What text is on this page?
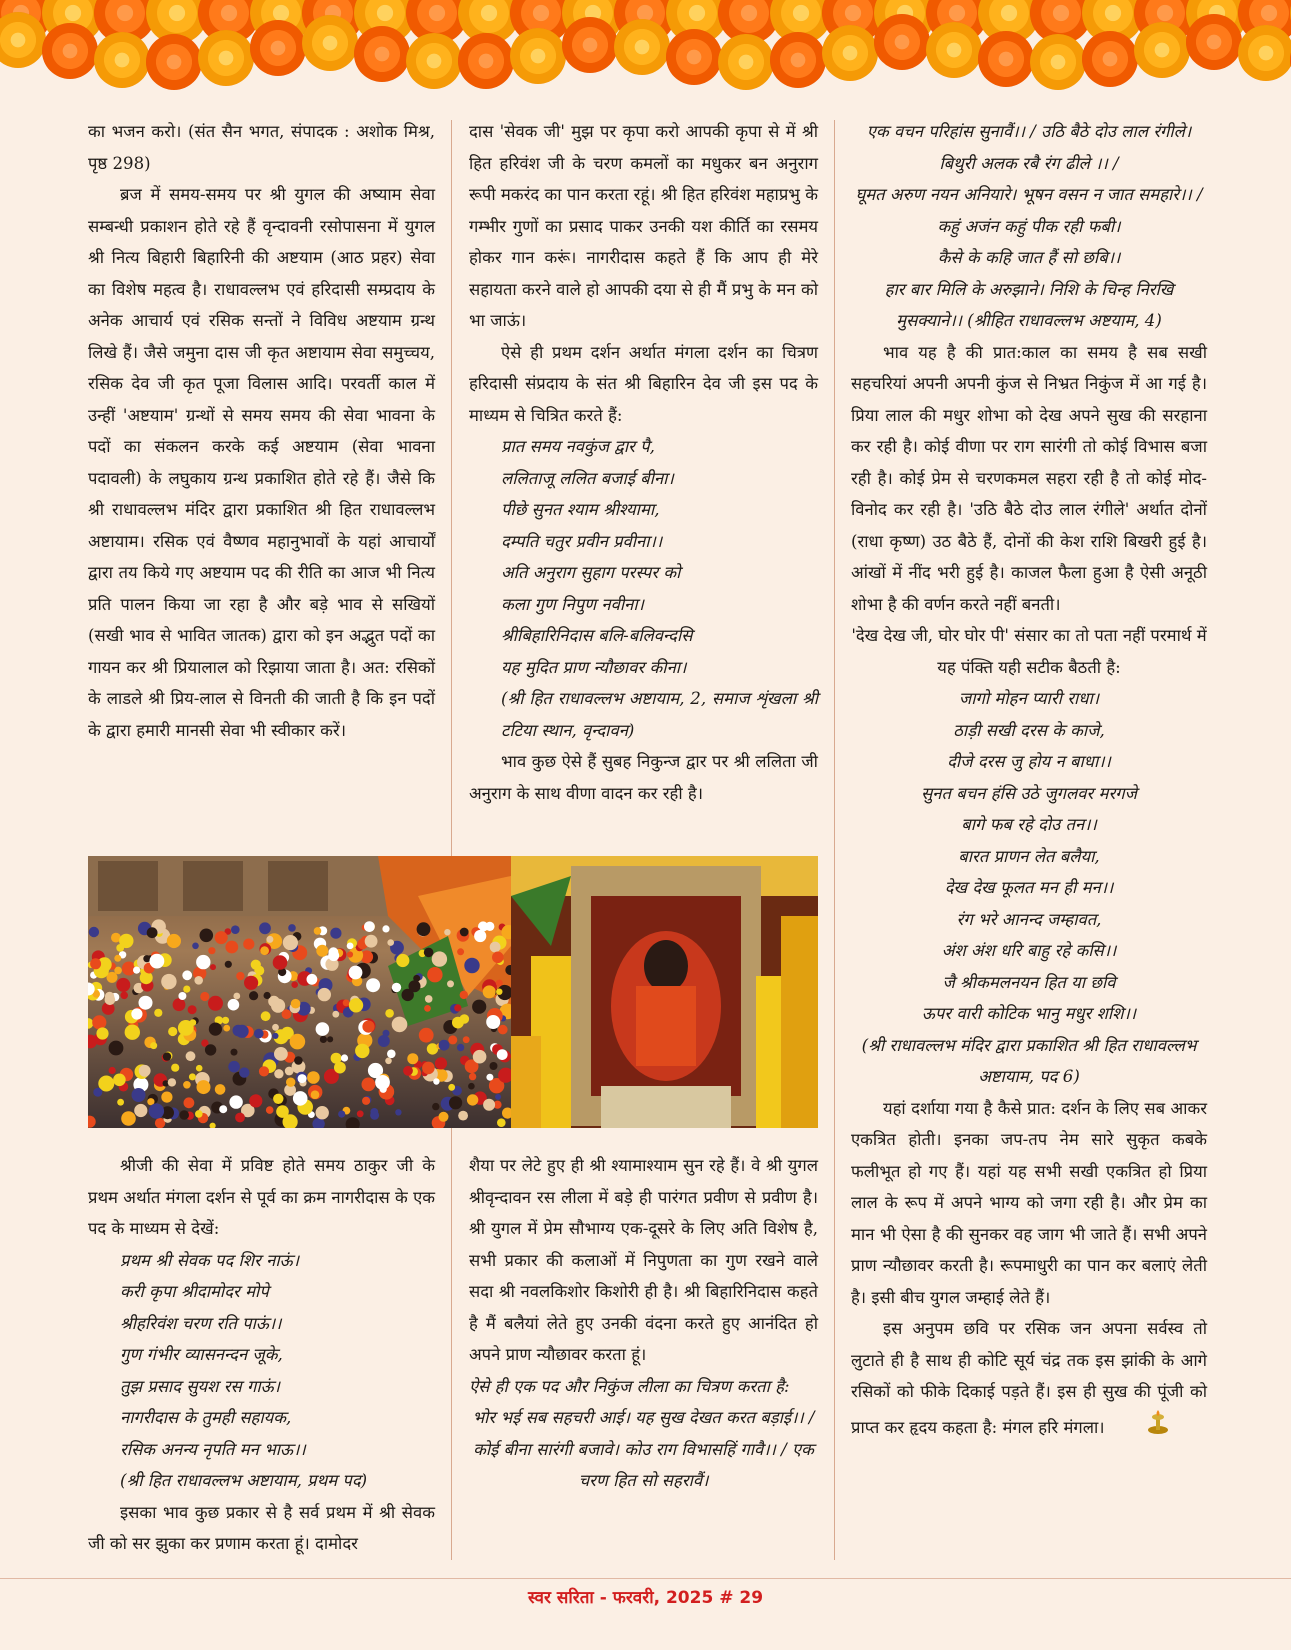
का भजन करो। (संत सैन भगत, संपादक : अशोक मिश्र, पृष्ठ 298)

ब्रज में समय-समय पर श्री युगल की अष्याम सेवा सम्बन्धी प्रकाशन होते रहे हैं वृन्दावनी रसोपासना में युगल श्री नित्य बिहारी बिहारिनी की अष्टयाम (आठ प्रहर) सेवा का विशेष महत्व है। राधावल्लभ एवं हरिदासी सम्प्रदाय के अनेक आचार्य एवं रसिक सन्तों ने विविध अष्टयाम ग्रन्थ लिखे हैं। जैसे जमुना दास जी कृत अष्टायाम सेवा समुच्चय, रसिक देव जी कृत पूजा विलास आदि। परवर्ती काल में उन्हीं 'अष्टयाम' ग्रन्थों से समय समय की सेवा भावना के पदों का संकलन करके कई अष्टयाम (सेवा भावना पदावली) के लघुकाय ग्रन्थ प्रकाशित होते रहे हैं। जैसे कि श्री राधावल्लभ मंदिर द्वारा प्रकाशित श्री हित राधावल्लभ अष्टायाम। रसिक एवं वैष्णव महानुभावों के यहां आचार्यों द्वारा तय किये गए अष्टयाम पद की रीति का आज भी नित्य प्रति पालन किया जा रहा है और बड़े भाव से सखियों (सखी भाव से भावित जातक) द्वारा को इन अद्भुत पदों का गायन कर श्री प्रियालाल को रिझाया जाता है। अत: रसिकों के लाडले श्री प्रिय-लाल से विनती की जाती है कि इन पदों के द्वारा हमारी मानसी सेवा भी स्वीकार करें।

दास 'सेवक जी' मुझ पर कृपा करो आपकी कृपा से में श्री हित हरिवंश जी के चरण कमलों का मधुकर बन अनुराग रूपी मकरंद का पान करता रहूं। श्री हित हरिवंश महाप्रभु के गम्भीर गुणों का प्रसाद पाकर उनकी यश कीर्ति का रसमय होकर गान करूं। नागरीदास कहते हैं कि आप ही मेरे सहायता करने वाले हो आपकी दया से ही मैं प्रभु के मन को भा जाऊं।

ऐसे ही प्रथम दर्शन अर्थात मंगला दर्शन का चित्रण हरिदासी संप्रदाय के संत श्री बिहारिन देव जी इस पद के माध्यम से चित्रित करते हैं:

प्रात समय नवकुंज द्वार पै,

ललिताजू ललित बजाई बीना।

पीछे सुनत श्याम श्रीश्यामा,

दम्पति चतुर प्रवीन प्रवीना।।

अति अनुराग सुहाग परस्पर को

कला गुण निपुण नवीना।

श्रीबिहारिनिदास बलि-बलिवन्दसि

यह मुदित प्राण न्यौछावर कीना।

(श्री हित राधावल्लभ अष्टायाम, 2, समाज शृंखला श्री टटिया स्थान, वृन्दावन)

भाव कुछ ऐसे हैं सुबह निकुन्ज द्वार पर श्री ललिता जी अनुराग के साथ वीणा वादन कर रही है।

एक वचन परिहांस सुनावैं।। / उठि बैठे दोउ लाल रंगीले। बिथुरी अलक रबै रंग ढीले ।। /

घूमत अरुण नयन अनियारे। भूषन वसन न जात समहारे।। / कहुं अजंन कहुं पीक रही फबी।

कैसे के कहि जात हैं सो छबि।।

हार बार मिलि के अरुझाने। निशि के चिन्ह निरखि मुसक्याने।। (श्रीहित राधावल्लभ अष्टयाम, 4)

भाव यह है की प्रात:काल का समय है सब सखी सहचरियां अपनी अपनी कुंज से निभ्रत निकुंज में आ गई है। प्रिया लाल की मधुर शोभा को देख अपने सुख की सरहाना कर रही है। कोई वीणा पर राग सारंगी तो कोई विभास बजा रही है। कोई प्रेम से चरणकमल सहरा रही है तो कोई मोद-विनोद कर रही है। 'उठि बैठे दोउ लाल रंगीले' अर्थात दोनों (राधा कृष्ण) उठ बैठे हैं, दोनों की केश राशि बिखरी हुई है। आंखों में नींद भरी हुई है। काजल फैला हुआ है ऐसी अनूठी शोभा है की वर्णन करते नहीं बनती।

'देख देख जी, घोर घोर पी' संसार का तो पता नहीं परमार्थ में यह पंक्ति यही सटीक बैठती है:

जागो मोहन प्यारी राधा।

ठाड़ी सखी दरस के काजे,

दीजे दरस जु होय न बाधा।।

सुनत बचन हंसि उठे जुगलवर मरगजे

बागे फब रहे दोउ तन।।

बारत प्राणन लेत बलैया,

देख देख फूलत मन ही मन।।

रंग भरे आनन्द जम्हावत,

अंश अंश धरि बाहु रहे कसि।।

जै श्रीकमलनयन हित या छवि

ऊपर वारी कोटिक भानु मधुर शशि।।

(श्री राधावल्लभ मंदिर द्वारा प्रकाशित श्री हित राधावल्लभ अष्टायाम, पद 6)

यहां दर्शाया गया है कैसे प्रात: दर्शन के लिए सब आकर एकत्रित होती। इनका जप-तप नेम सारे सुकृत कबके फलीभूत हो गए हैं। यहां यह सभी सखी एकत्रित हो प्रिया लाल के रूप में अपने भाग्य को जगा रही है। और प्रेम का मान भी ऐसा है की सुनकर वह जाग भी जाते हैं। सभी अपने प्राण न्यौछावर करती है। रूपमाधुरी का पान कर बलाएं लेती है। इसी बीच युगल जम्हाई लेते हैं।

इस अनुपम छवि पर रसिक जन अपना सर्वस्व तो लुटाते ही है साथ ही कोटि सूर्य चंद्र तक इस झांकी के आगे रसिकों को फीके दिकाई पड़ते हैं। इस ही सुख की पूंजी को प्राप्त कर हृदय कहता है: मंगल हरि मंगला।

श्रीजी की सेवा में प्रविष्ट होते समय ठाकुर जी के प्रथम अर्थात मंगला दर्शन से पूर्व का क्रम नागरीदास के एक पद के माध्यम से देखें:

प्रथम श्री सेवक पद शिर नाऊं।

करी कृपा श्रीदामोदर मोपे

श्रीहरिवंश चरण रति पाऊं।।

गुण गंभीर व्यासनन्दन जूके,

तुझ प्रसाद सुयश रस गाऊं।

नागरीदास के तुमही सहायक,

रसिक अनन्य नृपति मन भाऊ।।

(श्री हित राधावल्लभ अष्टायाम, प्रथम पद)

इसका भाव कुछ प्रकार से है सर्व प्रथम में श्री सेवक जी को सर झुका कर प्रणाम करता हूं। दामोदर

शैया पर लेटे हुए ही श्री श्यामाश्याम सुन रहे हैं। वे श्री युगल श्रीवृन्दावन रस लीला में बड़े ही पारंगत प्रवीण से प्रवीण है। श्री युगल में प्रेम सौभाग्य एक-दूसरे के लिए अति विशेष है, सभी प्रकार की कलाओं में निपुणता का गुण रखने वाले सदा श्री नवलकिशोर किशोरी ही है। श्री बिहारिनिदास कहते है मैं बलैयां लेते हुए उनकी वंदना करते हुए आनंदित हो अपने प्राण न्यौछावर करता हूं।

ऐसे ही एक पद और निकुंज लीला का चित्रण करता है:

भोर भई सब सहचरी आई। यह सुख देखत करत बड़ाई।। / कोई बीना सारंगी बजावे। कोउ राग विभासहिं गावै।। / एक चरण हित सो सहरावैं।

स्वर सरिता - फरवरी, 2025 # 29
